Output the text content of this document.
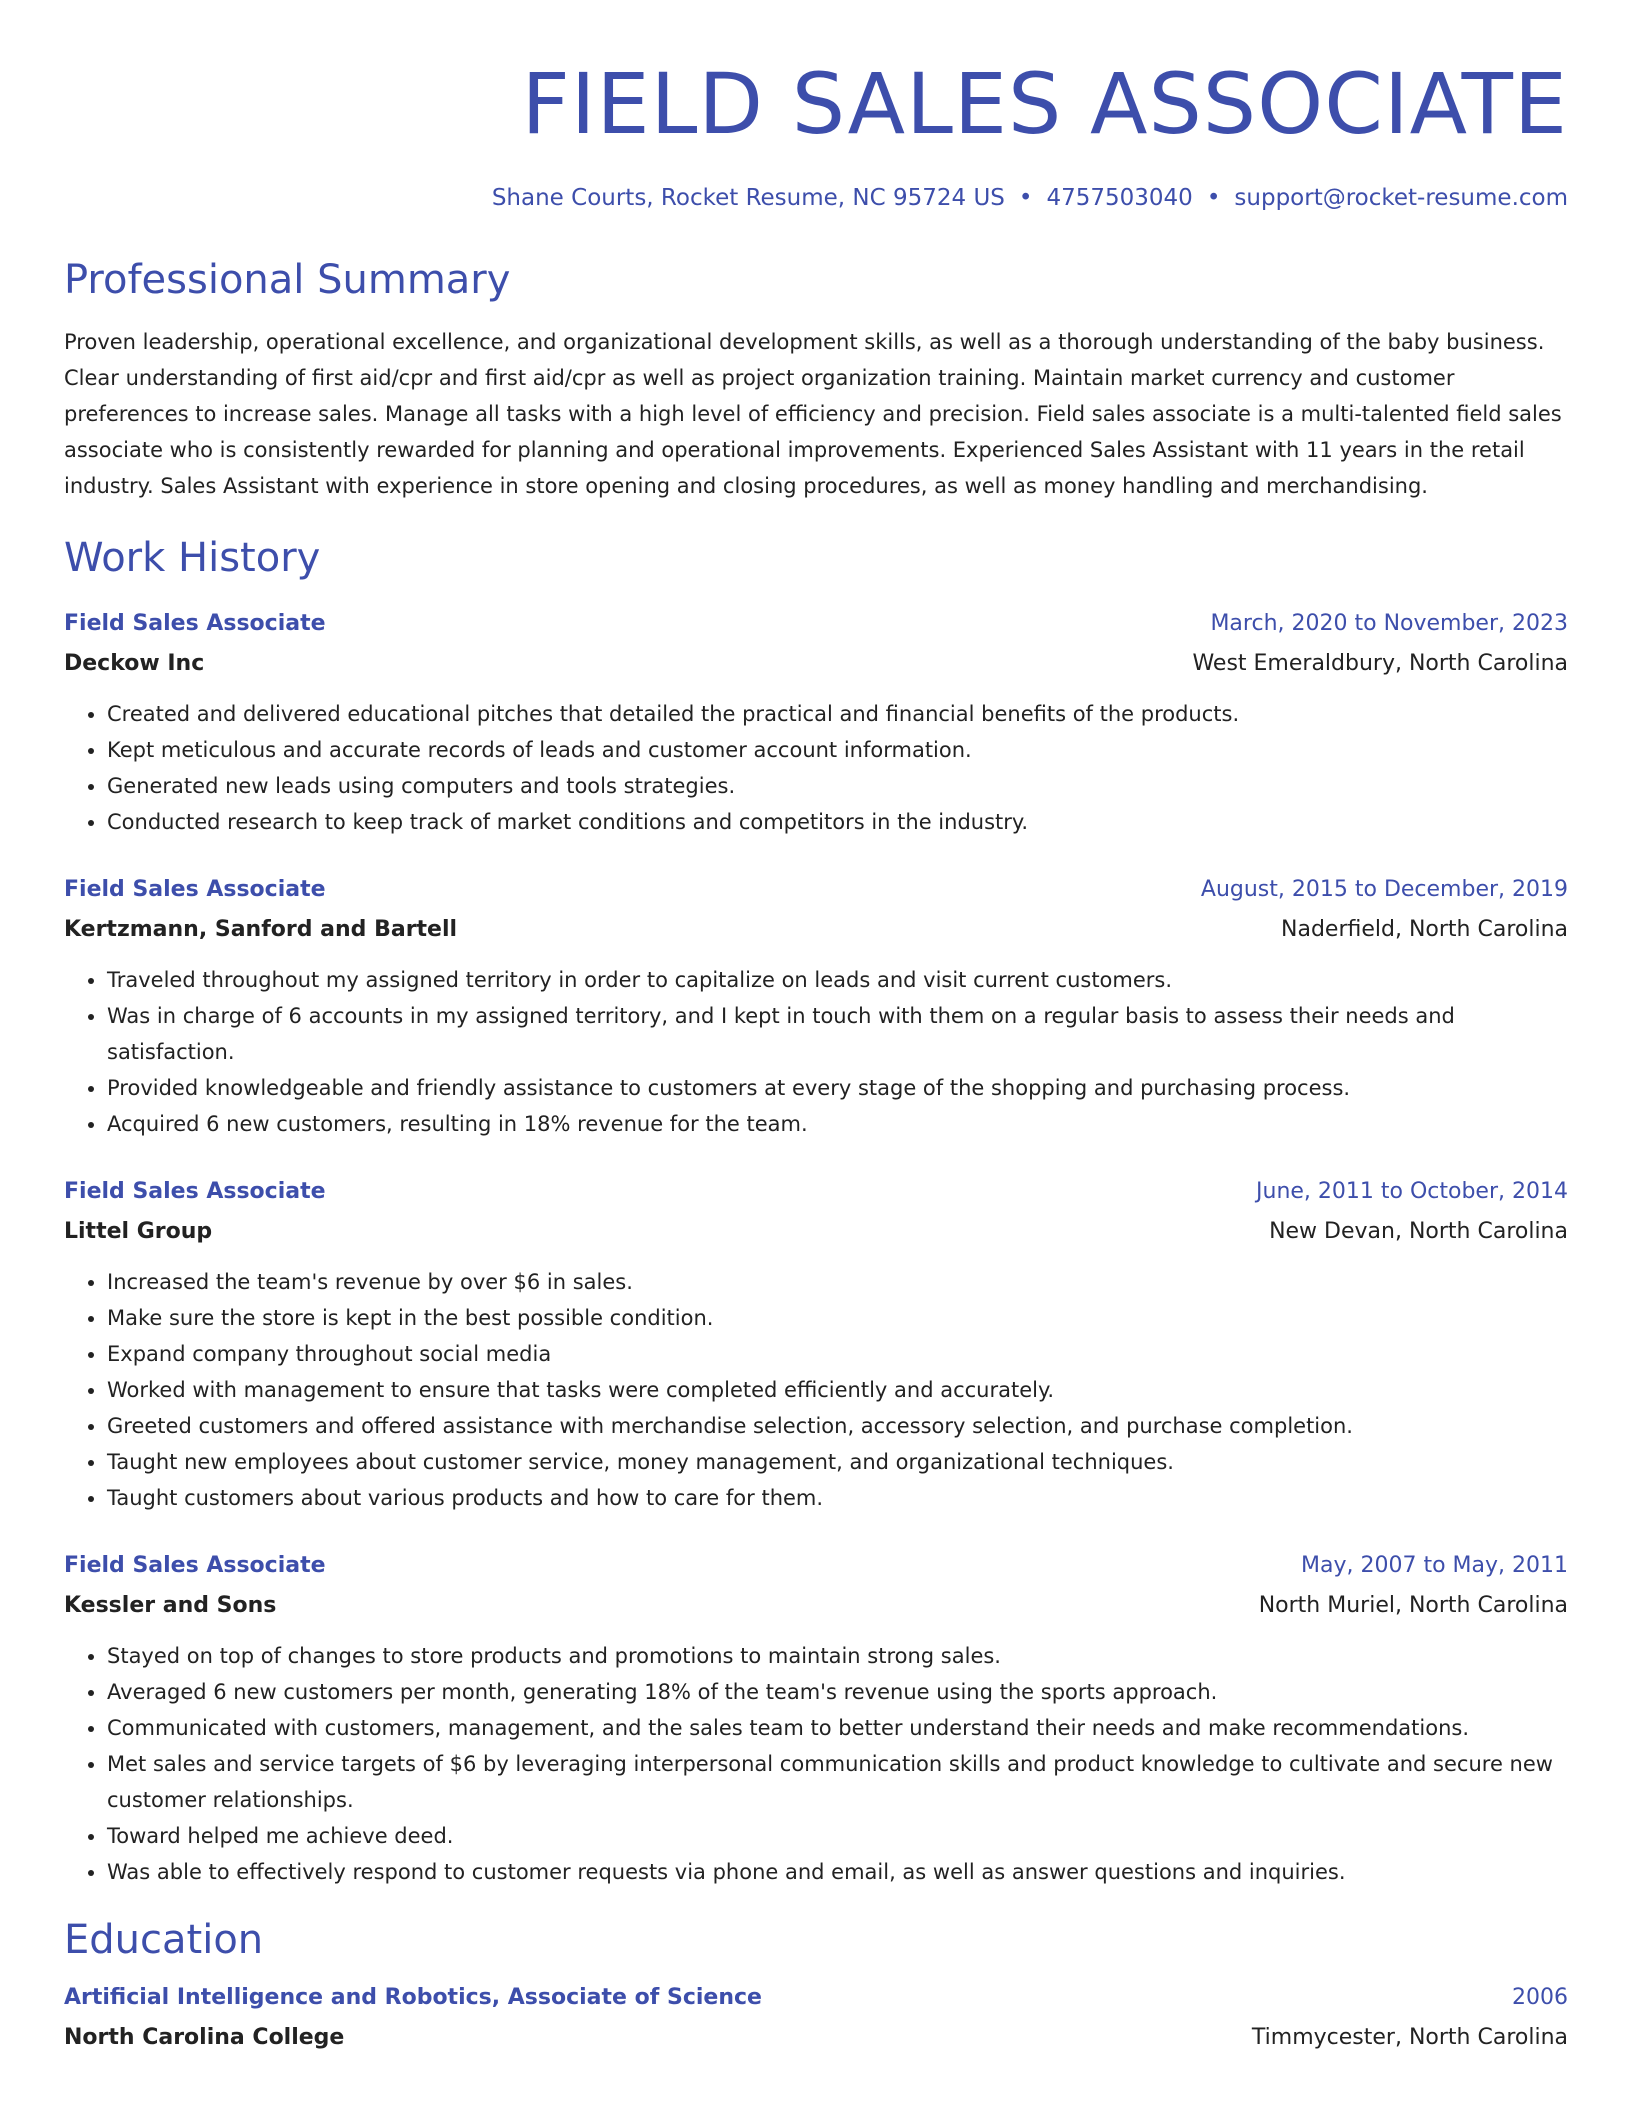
FIELD SALES ASSOCIATE
Shane Courts, Rocket Resume, NC 95724 US • 4757503040 • support@rocket-resume.com
Professional Summary
Proven leadership, operational excellence, and organizational development skills, as well as a thorough understanding of the baby business. Clear understanding of first aid/cpr and first aid/cpr as well as project organization training. Maintain market currency and customer preferences to increase sales. Manage all tasks with a high level of efficiency and precision. Field sales associate is a multi-talented field sales associate who is consistently rewarded for planning and operational improvements. Experienced Sales Assistant with 11 years in the retail industry. Sales Assistant with experience in store opening and closing procedures, as well as money handling and merchandising.
Work History
Field Sales Associate	March, 2020 to November, 2023
Deckow Inc	West Emeraldbury, North Carolina
• Created and delivered educational pitches that detailed the practical and financial benefits of the products.
• Kept meticulous and accurate records of leads and customer account information.
• Generated new leads using computers and tools strategies.
• Conducted research to keep track of market conditions and competitors in the industry.
Field Sales Associate	August, 2015 to December, 2019
Kertzmann, Sanford and Bartell	Naderfield, North Carolina
• Traveled throughout my assigned territory in order to capitalize on leads and visit current customers.
• Was in charge of 6 accounts in my assigned territory, and I kept in touch with them on a regular basis to assess their needs and satisfaction.
• Provided knowledgeable and friendly assistance to customers at every stage of the shopping and purchasing process.
• Acquired 6 new customers, resulting in 18% revenue for the team.
Field Sales Associate	June, 2011 to October, 2014
Littel Group	New Devan, North Carolina
• Increased the team's revenue by over $6 in sales.
• Make sure the store is kept in the best possible condition.
• Expand company throughout social media
• Worked with management to ensure that tasks were completed efficiently and accurately.
• Greeted customers and offered assistance with merchandise selection, accessory selection, and purchase completion.
• Taught new employees about customer service, money management, and organizational techniques.
• Taught customers about various products and how to care for them.
Field Sales Associate	May, 2007 to May, 2011
Kessler and Sons	North Muriel, North Carolina
• Stayed on top of changes to store products and promotions to maintain strong sales.
• Averaged 6 new customers per month, generating 18% of the team's revenue using the sports approach.
• Communicated with customers, management, and the sales team to better understand their needs and make recommendations.
• Met sales and service targets of $6 by leveraging interpersonal communication skills and product knowledge to cultivate and secure new customer relationships.
• Toward helped me achieve deed.
• Was able to effectively respond to customer requests via phone and email, as well as answer questions and inquiries.
Education
Artificial Intelligence and Robotics, Associate of Science	2006
North Carolina College	Timmycester, North Carolina
